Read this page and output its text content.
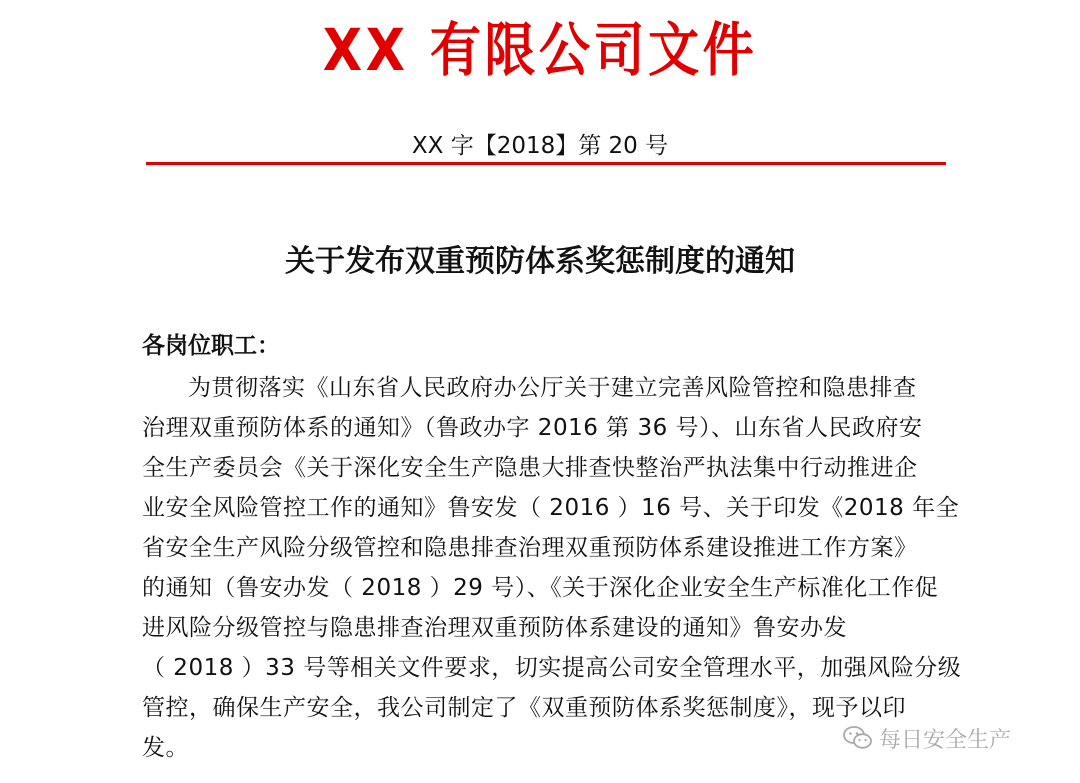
XX 有限公司文件
XX 字【2018】第 20 号
关于发布双重预防体系奖惩制度的通知
各岗位职工：
为贯彻落实《山东省人民政府办公厅关于建立完善风险管控和隐患排查
治理双重预防体系的通知》（鲁政办字 2016 第 36 号）、山东省人民政府安
全生产委员会《关于深化安全生产隐患大排查快整治严执法集中行动推进企
业安全风险管控工作的通知》鲁安发（ 2016 ）16 号、关于印发《2018 年全
省安全生产风险分级管控和隐患排查治理双重预防体系建设推进工作方案》
的通知（鲁安办发（ 2018 ）29 号）、《关于深化企业安全生产标准化工作促
进风险分级管控与隐患排查治理双重预防体系建设的通知》鲁安办发
（ 2018 ）33 号等相关文件要求，切实提高公司安全管理水平，加强风险分级
管控，确保生产安全，我公司制定了《双重预防体系奖惩制度》，现予以印
发。	每日安全生产
